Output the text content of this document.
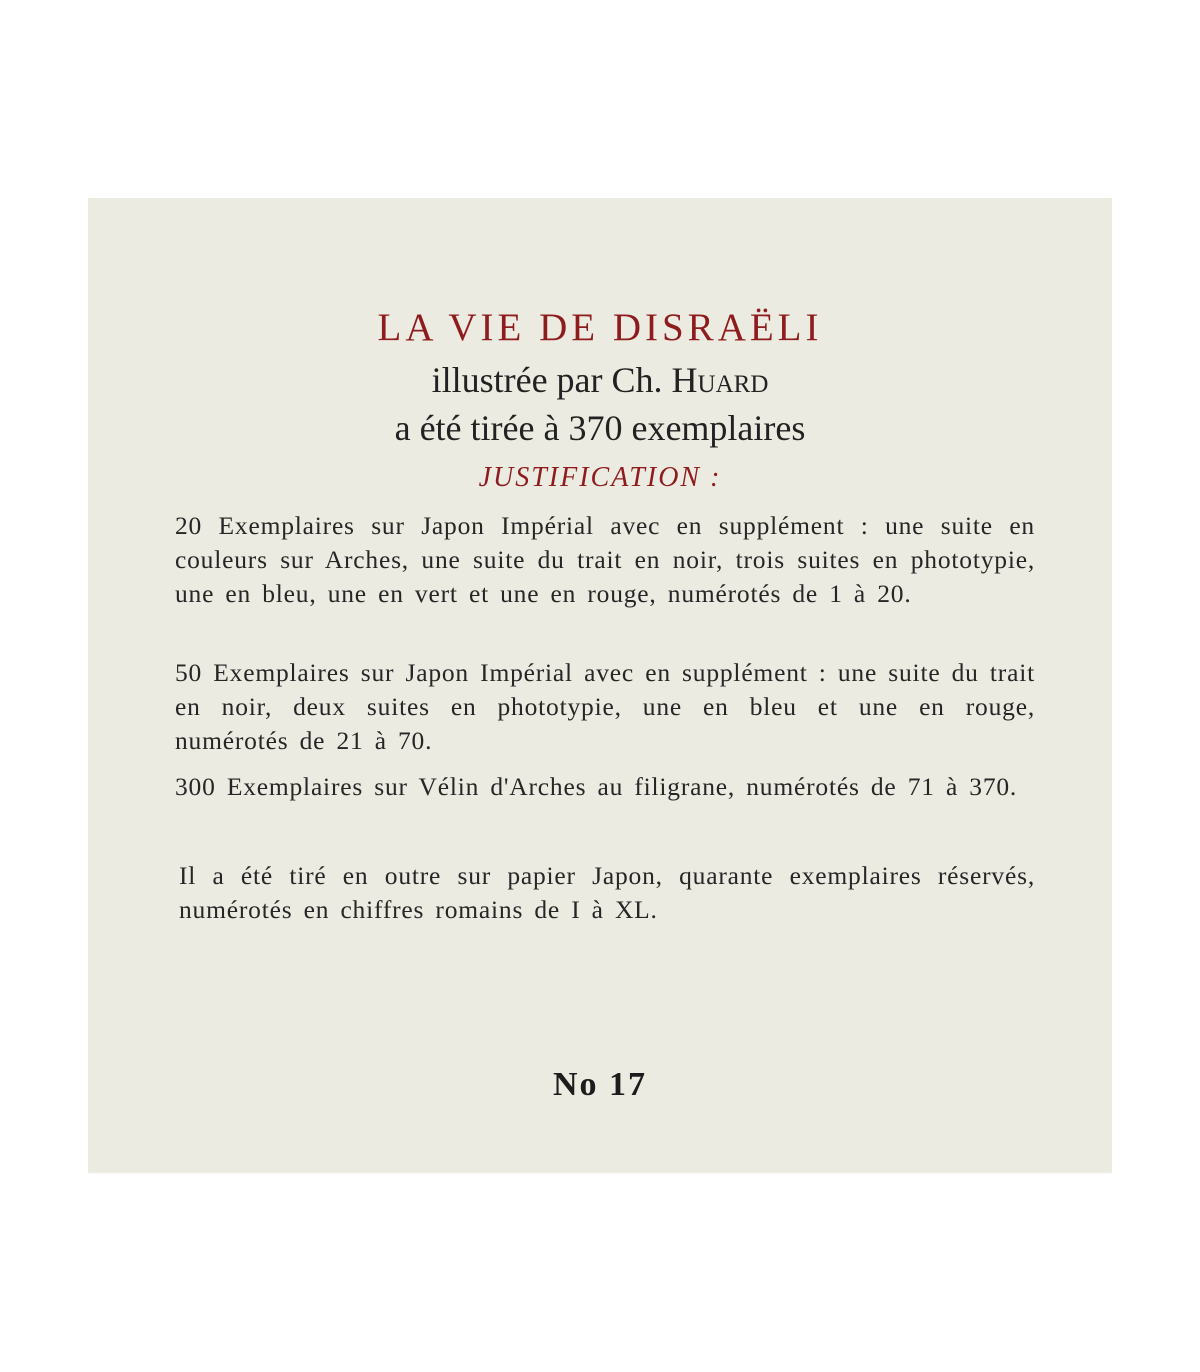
LA VIE DE DISRAËLI
illustrée par Ch. Huard
a été tirée à 370 exemplaires
JUSTIFICATION :
20 Exemplaires sur Japon Impérial avec en supplément : une suite en couleurs sur Arches, une suite du trait en noir, trois suites en phototypie, une en bleu, une en vert et une en rouge, numérotés de 1 à 20.
50 Exemplaires sur Japon Impérial avec en supplément : une suite du trait en noir, deux suites en phototypie, une en bleu et une en rouge, numérotés de 21 à 70.
300 Exemplaires sur Vélin d'Arches au filigrane, numérotés de 71 à 370.
Il a été tiré en outre sur papier Japon, quarante exemplaires réservés, numérotés en chiffres romains de I à XL.
No 17
